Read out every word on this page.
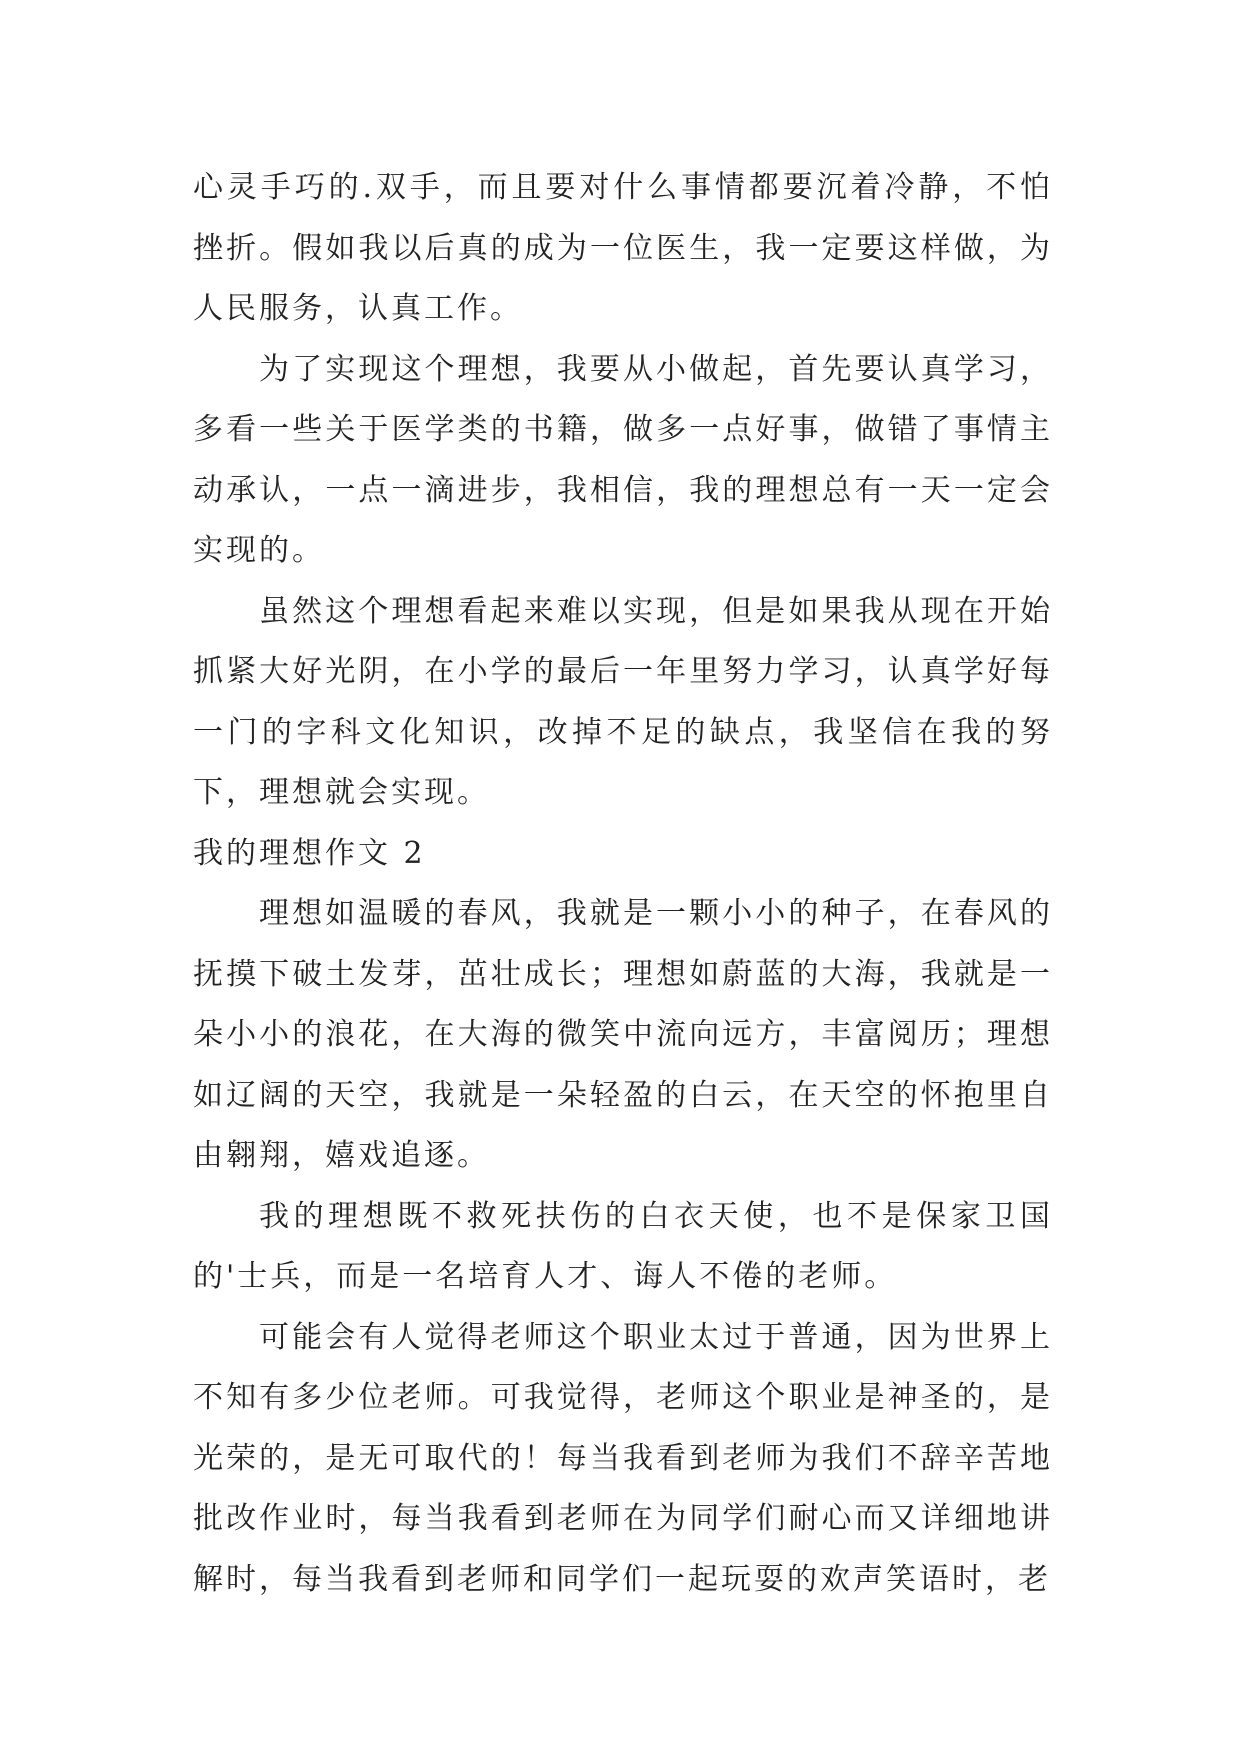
心灵手巧的.双手，而且要对什么事情都要沉着冷静，不怕挫折。假如我以后真的成为一位医生，我一定要这样做，为人民服务，认真工作。

为了实现这个理想，我要从小做起，首先要认真学习，多看一些关于医学类的书籍，做多一点好事，做错了事情主动承认，一点一滴进步，我相信，我的理想总有一天一定会实现的。

虽然这个理想看起来难以实现，但是如果我从现在开始抓紧大好光阴，在小学的最后一年里努力学习，认真学好每一门的字科文化知识，改掉不足的缺点，我坚信在我的努下，理想就会实现。

我的理想作文 2

理想如温暖的春风，我就是一颗小小的种子，在春风的抚摸下破土发芽，茁壮成长；理想如蔚蓝的大海，我就是一朵小小的浪花，在大海的微笑中流向远方，丰富阅历；理想如辽阔的天空，我就是一朵轻盈的白云，在天空的怀抱里自由翱翔，嬉戏追逐。

我的理想既不救死扶伤的白衣天使，也不是保家卫国的'士兵，而是一名培育人才、诲人不倦的老师。

可能会有人觉得老师这个职业太过于普通，因为世界上不知有多少位老师。可我觉得，老师这个职业是神圣的，是光荣的，是无可取代的！每当我看到老师为我们不辞辛苦地批改作业时，每当我看到老师在为同学们耐心而又详细地讲解时，每当我看到老师和同学们一起玩耍的欢声笑语时，老
